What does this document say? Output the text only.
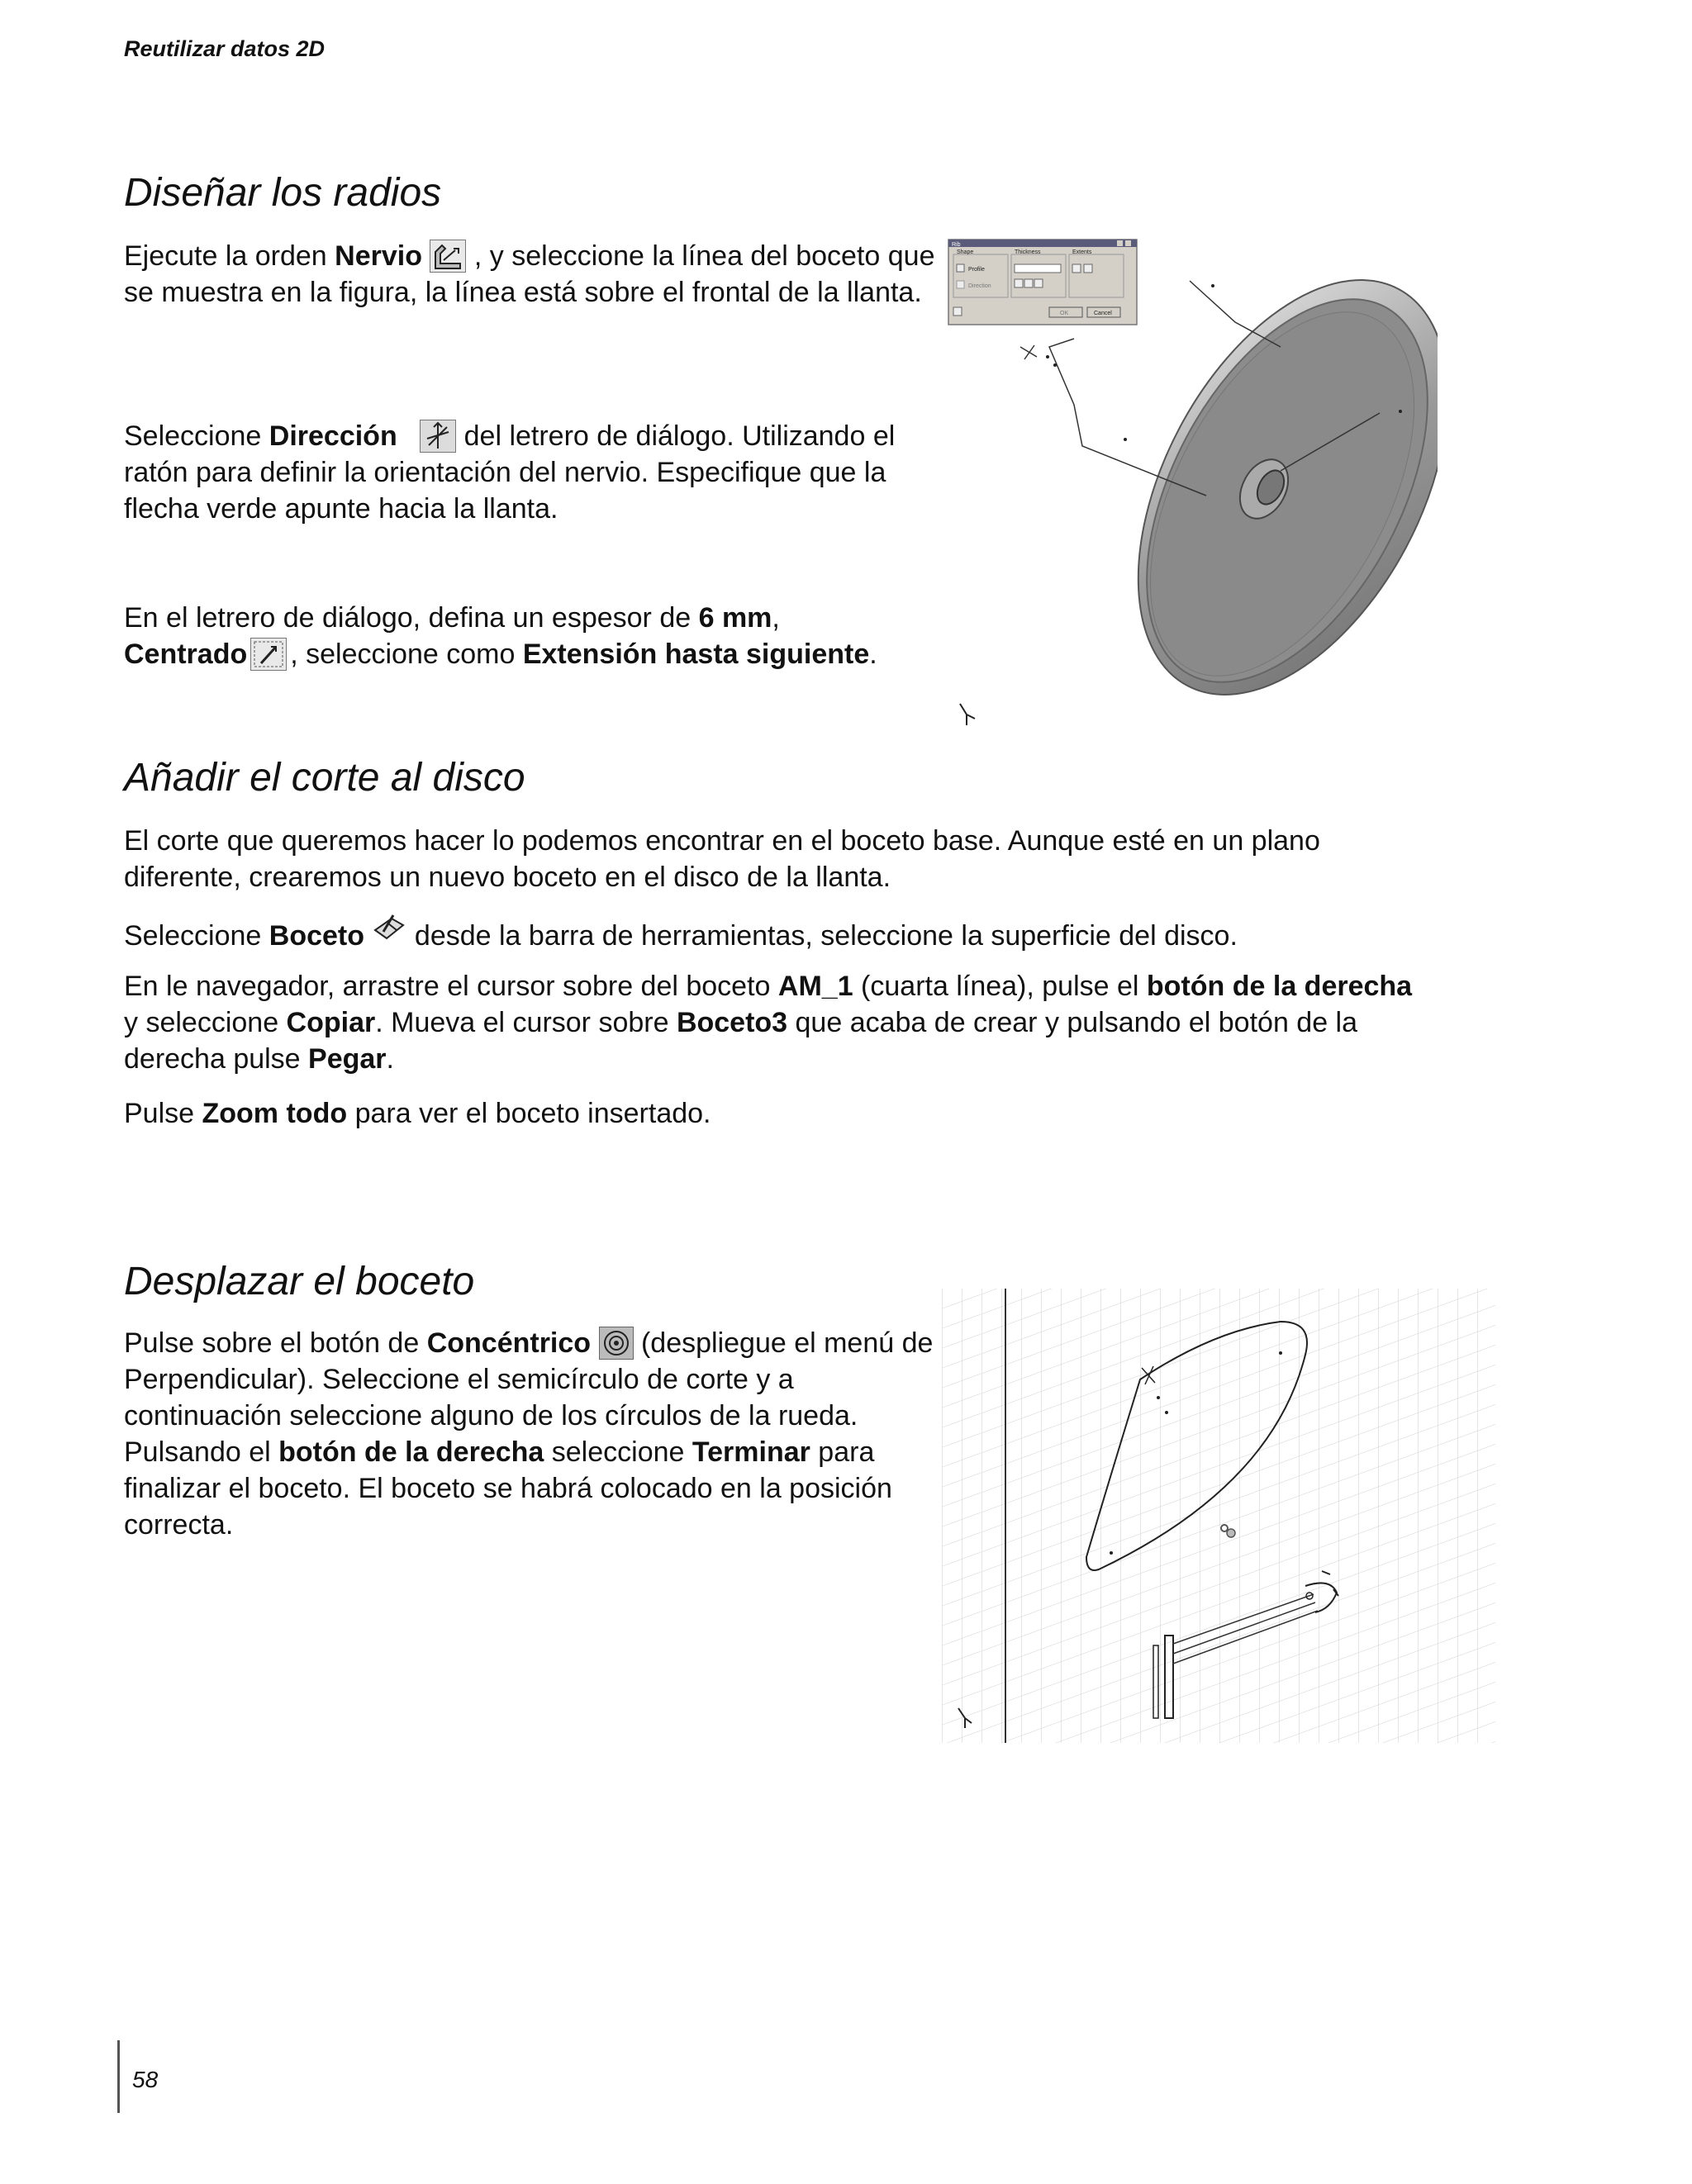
Reutilizar datos 2D
Diseñar los radios

Ejecute la orden Nervio  , y seleccione la línea del boceto que se muestra en la figura, la línea está sobre el frontal de la llanta.

Seleccione Dirección  del letrero de diálogo. Utilizando el ratón para definir la orientación del nervio. Especifique que la flecha verde apunte hacia la llanta.

En el letrero de diálogo, defina un espesor de 6 mm,
Centrado , seleccione como Extensión hasta siguiente.

Rib
Shape
Profile
Direction
Thickness	Extents
OK	Cancel
Añadir el corte al disco

El corte que queremos hacer lo podemos encontrar en el boceto base. Aunque esté en un plano diferente, crearemos un nuevo boceto en el disco de la llanta.

Seleccione Boceto  desde la barra de herramientas, seleccione la superficie del disco.

En le navegador, arrastre el cursor sobre del boceto AM_1 (cuarta línea), pulse el botón de la derecha y seleccione Copiar. Mueva el cursor sobre Boceto3 que acaba de crear y pulsando el botón de la derecha pulse Pegar.

Pulse Zoom todo para ver el boceto insertado.

Desplazar el boceto

Pulse sobre el botón de Concéntrico  (despliegue el menú de Perpendicular). Seleccione el semicírculo de corte y a continuación seleccione alguno de los círculos de la rueda. Pulsando el botón de la derecha seleccione Terminar para finalizar el boceto. El boceto se habrá colocado en la posición correcta.

58
